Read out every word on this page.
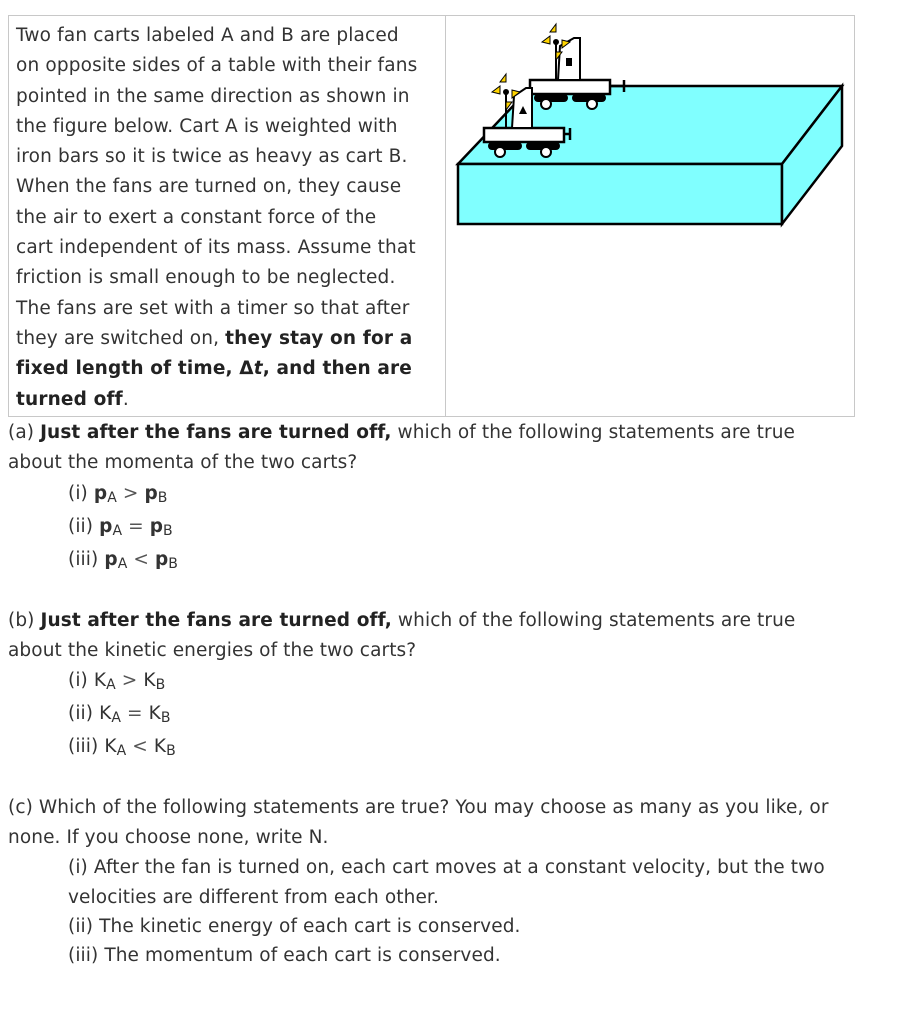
Two fan carts labeled A and B are placed
on opposite sides of a table with their fans
pointed in the same direction as shown in
the figure below. Cart A is weighted with
iron bars so it is twice as heavy as cart B.
When the fans are turned on, they cause
the air to exert a constant force of the
cart independent of its mass. Assume that
friction is small enough to be neglected.
The fans are set with a timer so that after
they are switched on, they stay on for a
fixed length of time, Δt, and then are
turned off.
(a) Just after the fans are turned off, which of the following statements are true
about the momenta of the two carts?
(i) pA > pB
(ii) pA = pB
(iii) pA < pB
(b) Just after the fans are turned off, which of the following statements are true
about the kinetic energies of the two carts?
(i) KA > KB
(ii) KA = KB
(iii) KA < KB
(c) Which of the following statements are true? You may choose as many as you like, or
none. If you choose none, write N.
(i) After the fan is turned on, each cart moves at a constant velocity, but the two
velocities are different from each other.
(ii) The kinetic energy of each cart is conserved.
(iii) The momentum of each cart is conserved.
